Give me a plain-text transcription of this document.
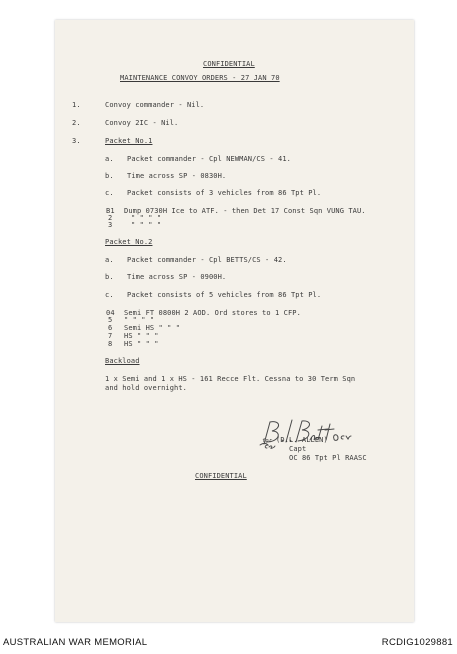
CONFIDENTIAL
MAINTENANCE CONVOY ORDERS - 27 JAN 70
1.	Convoy commander - Nil.
2.	Convoy 2IC - Nil.
3.	Packet No.1
a. Packet commander - Cpl NEWMAN/CS - 41.
b. Time across SP - 0830H.
c. Packet consists of 3 vehicles from 86 Tpt Pl.
B1 Dump 0730H Ice to ATF. - then Det 17 Const Sqn VUNG TAU.
2	" " " "
3	" " " "
Packet No.2
a. Packet commander - Cpl BETTS/CS - 42.
b. Time across SP - 0900H.
c. Packet consists of 5 vehicles from 86 Tpt Pl.
04 Semi FT 0800H 2 AOD. Ord stores to 1 CFP.
5 " " " "
6 Semi HS " " "
7 HS " " "
8 HS " " "
Backload
1 x Semi and 1 x HS - 161 Recce Flt. Cessna to 30 Term Sqn
and hold overnight.
for (D.L. ALLEN)
Capt
OC 86 Tpt Pl RAASC
CONFIDENTIAL
AUSTRALIAN WAR MEMORIAL	RCDIG1029881
